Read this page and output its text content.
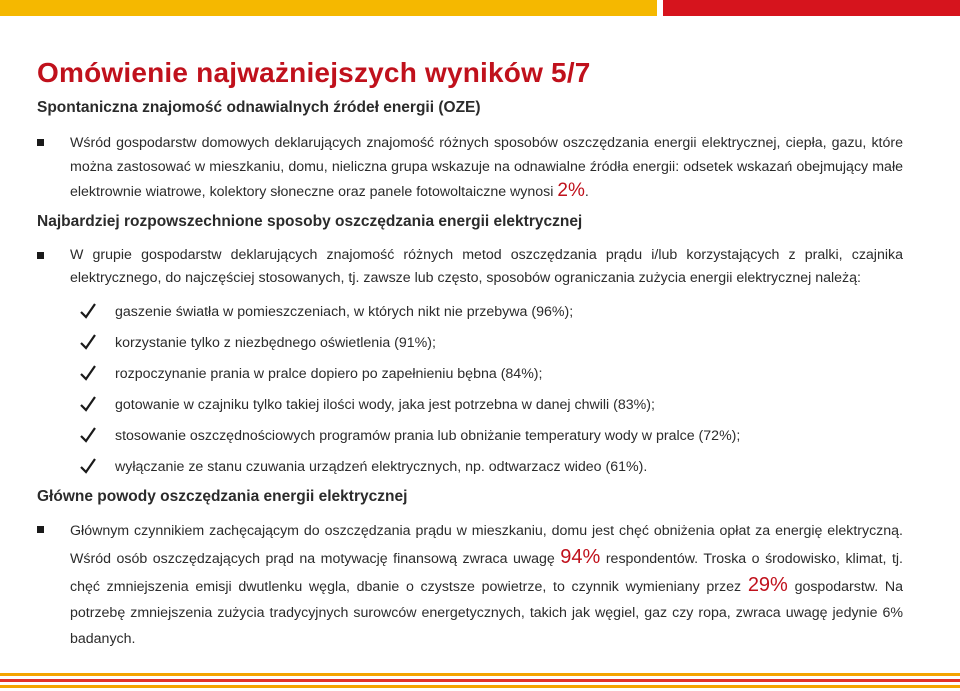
Omówienie najważniejszych wyników 5/7

Spontaniczna znajomość odnawialnych źródeł energii (OZE)

Wśród gospodarstw domowych deklarujących znajomość różnych sposobów oszczędzania energii elektrycznej, ciepła, gazu, które można zastosować w mieszkaniu, domu, nieliczna grupa wskazuje na odnawialne źródła energii: odsetek wskazań obejmujący małe elektrownie wiatrowe, kolektory słoneczne oraz panele fotowoltaiczne wynosi 2%.

Najbardziej rozpowszechnione sposoby oszczędzania energii elektrycznej

W grupie gospodarstw deklarujących znajomość różnych metod oszczędzania prądu i/lub korzystających z pralki, czajnika elektrycznego, do najczęściej stosowanych, tj. zawsze lub często, sposobów ograniczania zużycia energii elektrycznej należą:

gaszenie światła w pomieszczeniach, w których nikt nie przebywa (96%);
korzystanie tylko z niezbędnego oświetlenia (91%);
rozpoczynanie prania w pralce dopiero po zapełnieniu bębna (84%);
gotowanie w czajniku tylko takiej ilości wody, jaka jest potrzebna w danej chwili (83%);
stosowanie oszczędnościowych programów prania lub obniżanie temperatury wody w pralce (72%);
wyłączanie ze stanu czuwania urządzeń elektrycznych, np. odtwarzacz wideo (61%).

Główne powody oszczędzania energii elektrycznej

Głównym czynnikiem zachęcającym do oszczędzania prądu w mieszkaniu, domu jest chęć obniżenia opłat za energię elektryczną. Wśród osób oszczędzających prąd na motywację finansową zwraca uwagę 94% respondentów. Troska o środowisko, klimat, tj. chęć zmniejszenia emisji dwutlenku węgla, dbanie o czystsze powietrze, to czynnik wymieniany przez 29% gospodarstw. Na potrzebę zmniejszenia zużycia tradycyjnych surowców energetycznych, takich jak węgiel, gaz czy ropa, zwraca uwagę jedynie 6% badanych.
